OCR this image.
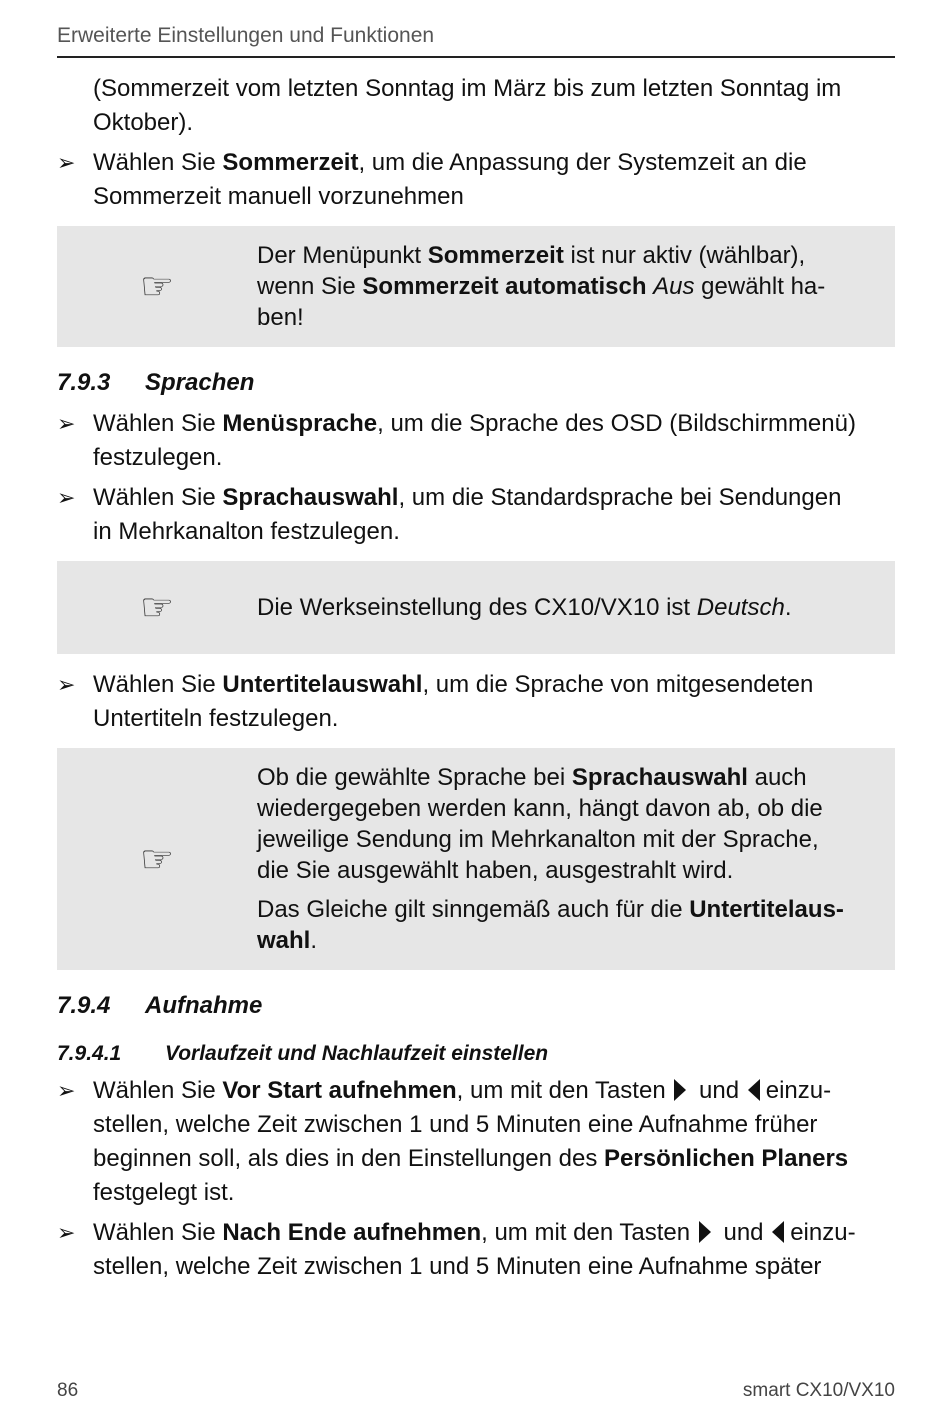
Erweiterte Einstellungen und Funktionen
(Sommerzeit vom letzten Sonntag im März bis zum letzten Sonntag im
Oktober).
➢ Wählen Sie Sommerzeit, um die Anpassung der Systemzeit an die
Sommerzeit manuell vorzunehmen
☞
Der Menüpunkt Sommerzeit ist nur aktiv (wählbar),
wenn Sie Sommerzeit automatisch Aus gewählt ha-
ben!
7.9.3	Sprachen
➢ Wählen Sie Menüsprache, um die Sprache des OSD (Bildschirmmenü)
festzulegen.
➢ Wählen Sie Sprachauswahl, um die Standardsprache bei Sendungen
in Mehrkanalton festzulegen.
☞	Die Werkseinstellung des CX10/VX10 ist Deutsch.
➢ Wählen Sie Untertitelauswahl, um die Sprache von mitgesendeten
Untertiteln festzulegen.
☞
Ob die gewählte Sprache bei Sprachauswahl auch
wiedergegeben werden kann, hängt davon ab, ob die
jeweilige Sendung im Mehrkanalton mit der Sprache,
die Sie ausgewählt haben, ausgestrahlt wird.
Das Gleiche gilt sinngemäß auch für die Untertitelaus-
wahl.
7.9.4	Aufnahme
7.9.4.1	Vorlaufzeit und Nachlaufzeit einstellen
➢ Wählen Sie Vor Start aufnehmen, um mit den Tasten  und einzu-
stellen, welche Zeit zwischen 1 und 5 Minuten eine Aufnahme früher
beginnen soll, als dies in den Einstellungen des Persönlichen Planers
festgelegt ist.
➢ Wählen Sie Nach Ende aufnehmen, um mit den Tasten  und einzu-
stellen, welche Zeit zwischen 1 und 5 Minuten eine Aufnahme später
86	smart CX10/VX10
